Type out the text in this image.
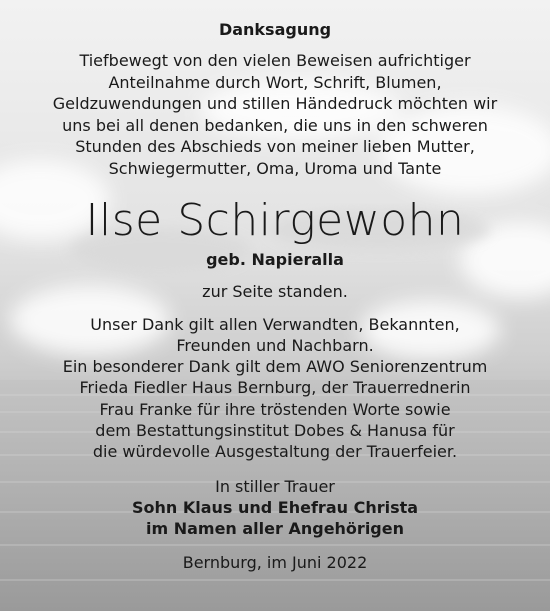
Danksagung
Tiefbewegt von den vielen Beweisen aufrichtiger
Anteilnahme durch Wort, Schrift, Blumen,
Geldzuwendungen und stillen Händedruck möchten wir
uns bei all denen bedanken, die uns in den schweren
Stunden des Abschieds von meiner lieben Mutter,
Schwiegermutter, Oma, Uroma und Tante
Ilse Schirgewohn
geb. Napieralla
zur Seite standen.
Unser Dank gilt allen Verwandten, Bekannten,
Freunden und Nachbarn.
Ein besonderer Dank gilt dem AWO Seniorenzentrum
Frieda Fiedler Haus Bernburg, der Trauerrednerin
Frau Franke für ihre tröstenden Worte sowie
dem Bestattungsinstitut Dobes & Hanusa für
die würdevolle Ausgestaltung der Trauerfeier.
In stiller Trauer
Sohn Klaus und Ehefrau Christa
im Namen aller Angehörigen
Bernburg, im Juni 2022
